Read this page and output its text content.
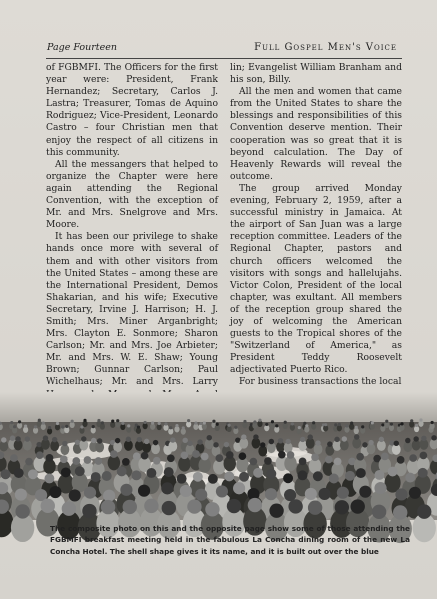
Page Fourteen	Full Gospel Men's Voice

of FGBMFI. The Officers for the first year were: President, Frank Hernandez; Secretary, Carlos J. Lastra; Treasurer, Tomas de Aquino Rodriguez; Vice-President, Leonardo Castro – four Christian men that enjoy the respect of all citizens in this community.

All the messangers that helped to organize the Chapter were here again attending the Regional Convention, with the exception of Mr. and Mrs. Snelgrove and Mrs. Moore.

It has been our privilege to shake hands once more with several of them and with other visitors from the United States – among these are the International President, Demos Shakarian, and his wife; Executive Secretary, Irvine J. Harrison; H. J. Smith; Mrs. Miner Arganbright; Mrs. Clayton E. Sonmore; Sharon Carlson; Mr. and Mrs. Joe Arbieter; Mr. and Mrs. W. E. Shaw; Young Brown; Gunnar Carlson; Paul Wichelhaus; Mr. and Mrs. Larry

lin; Evangelist William Branham and his son, Billy.

All the men and women that came from the United States to share the blessings and responsibilities of this Convention deserve mention. Their cooperation was so great that it is beyond calculation. The Day of Heavenly Rewards will reveal the outcome.

The group arrived Monday evening, February 2, 1959, after a successful ministry in Jamaica. At the airport of San Juan was a large reception committee. Leaders of the Regional Chapter, pastors and church officers welcomed the visitors with songs and hallelujahs. Victor Colon, President of the local chapter, was exultant. All members of the reception group shared the joy of welcoming the American guests to the Tropical shores of the "Switzerland of America," as President Teddy Roosevelt adjectivated Puerto Rico.

For business transactions the local

The composite photo on this and the opposite page show some of those attending the FGBMFI breakfast meeting held in the fabulous La Concha dining room of the new La Concha Hotel. The shell shape gives it its name, and it is built out over the blue
